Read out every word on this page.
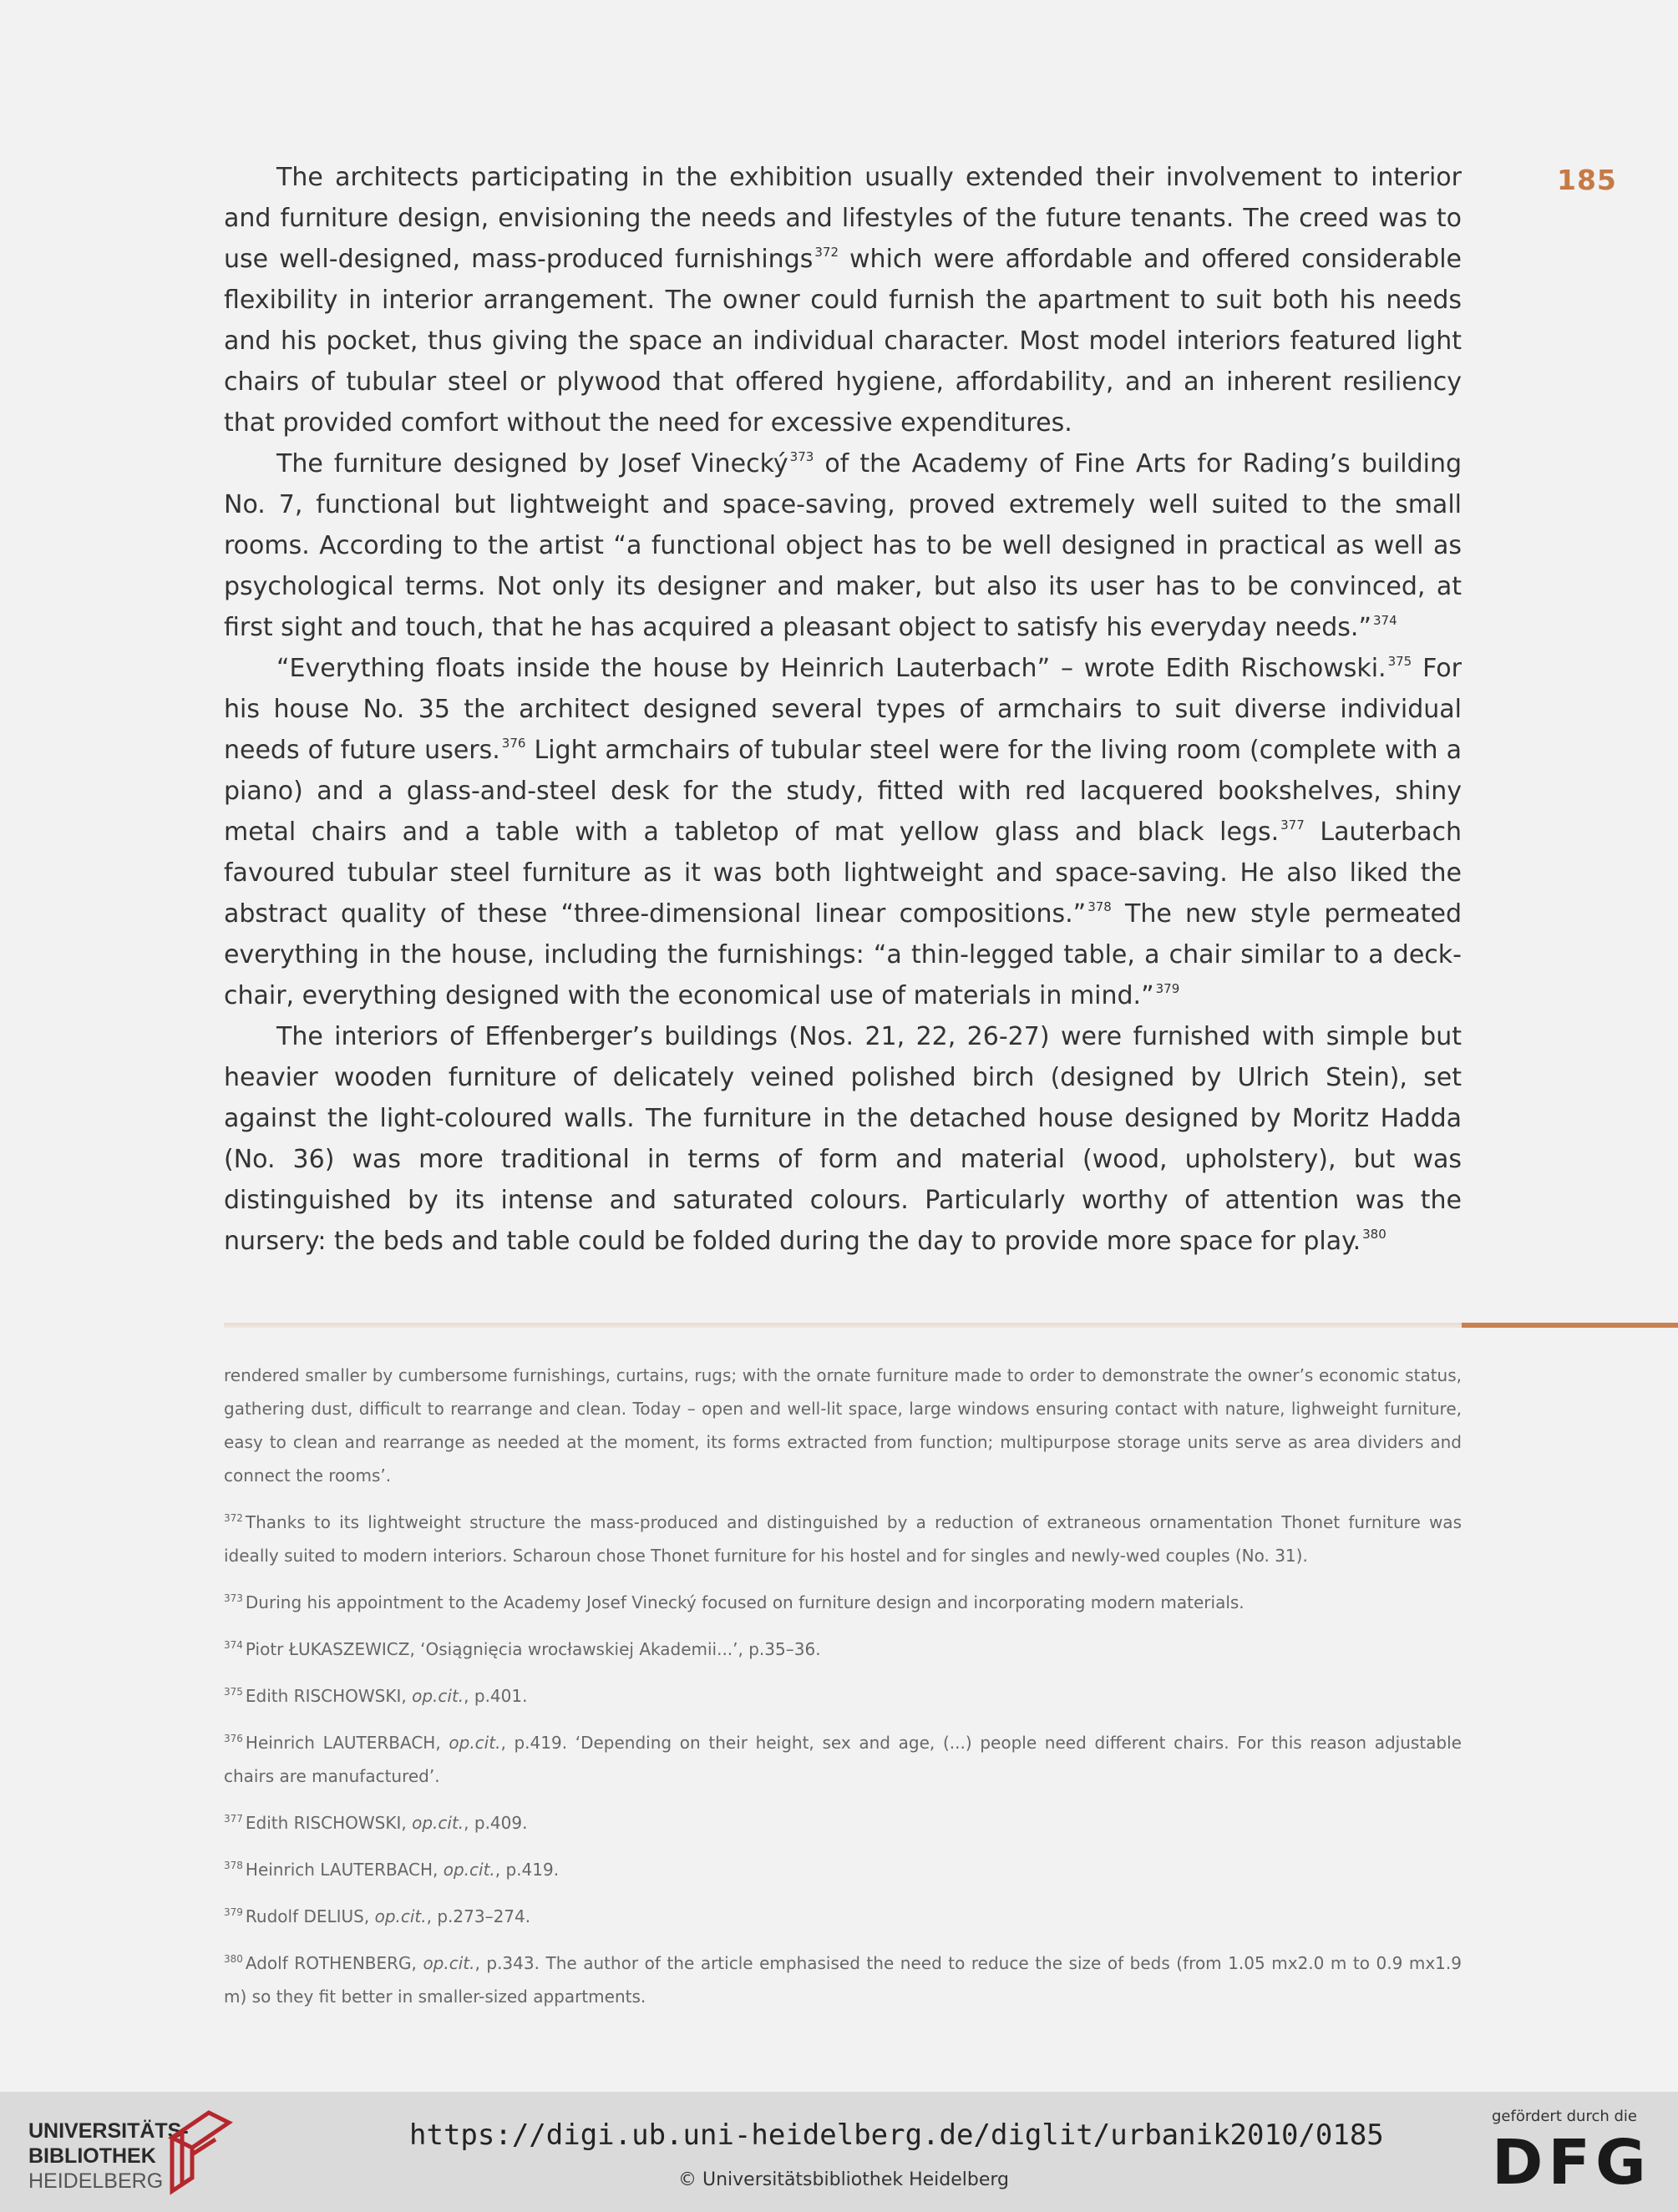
185

The architects participating in the exhibition usually extended their involvement to interior and furniture design, envisioning the needs and lifestyles of the future tenants. The creed was to use well-designed, mass-produced furnishings $^{372}$ which were affordable and offered considerable flexibility in interior arrangement. The owner could furnish the apartment to suit both his needs and his pocket, thus giving the space an individual character. Most model interiors featured light chairs of tubular steel or plywood that offered hygiene, affordability, and an inherent resiliency that provided comfort without the need for excessive expenditures.

The furniture designed by Josef Vinecký $^{373}$ of the Academy of Fine Arts for Rading’s building No. 7, functional but lightweight and space-saving, proved extremely well suited to the small rooms. According to the artist “a functional object has to be well designed in practical as well as psychological terms. Not only its designer and maker, but also its user has to be convinced, at first sight and touch, that he has acquired a pleasant object to satisfy his everyday needs.” $^{374}$

“Everything floats inside the house by Heinrich Lauterbach” – wrote Edith Rischowski. $^{375}$ For his house No. 35 the architect designed several types of armchairs to suit diverse individual needs of future users. $^{376}$ Light armchairs of tubular steel were for the living room (complete with a piano) and a glass-and-steel desk for the study, fitted with red lacquered bookshelves, shiny metal chairs and a table with a tabletop of mat yellow glass and black legs. $^{377}$ Lauterbach favoured tubular steel furniture as it was both lightweight and space-saving. He also liked the abstract quality of these “three-dimensional linear compositions.” $^{378}$ The new style permeated everything in the house, including the furnishings: “a thin-legged table, a chair similar to a deck-chair, everything designed with the economical use of materials in mind.” $^{379}$

The interiors of Effenberger’s buildings (Nos. 21, 22, 26-27) were furnished with simple but heavier wooden furniture of delicately veined polished birch (designed by Ulrich Stein), set against the light-coloured walls. The furniture in the detached house designed by Moritz Hadda (No. 36) was more traditional in terms of form and material (wood, upholstery), but was distinguished by its intense and saturated colours. Particularly worthy of attention was the nursery: the beds and table could be folded during the day to provide more space for play. $^{380}$

rendered smaller by cumbersome furnishings, curtains, rugs; with the ornate furniture made to order to demonstrate the owner’s economic status, gathering dust, difficult to rearrange and clean. Today – open and well-lit space, large windows ensuring contact with nature, lighweight furniture, easy to clean and rearrange as needed at the moment, its forms extracted from function; multipurpose storage units serve as area dividers and connect the rooms’.

$^{372}$ Thanks to its lightweight structure the mass-produced and distinguished by a reduction of extraneous ornamentation Thonet furniture was ideally suited to modern interiors. Scharoun chose Thonet furniture for his hostel and for singles and newly-wed couples (No. 31).

$^{373}$ During his appointment to the Academy Josef Vinecký focused on furniture design and incorporating modern materials.

$^{374}$ Piotr ŁUKASZEWICZ, ‘Osiągnięcia wrocławskiej Akademii...’, p.35–36.

$^{375}$ Edith RISCHOWSKI, op.cit., p.401.

$^{376}$ Heinrich LAUTERBACH, op.cit., p.419. ‘Depending on their height, sex and age, (...) people need different chairs. For this reason adjustable chairs are manufactured’.

$^{377}$ Edith RISCHOWSKI, op.cit., p.409.

$^{378}$ Heinrich LAUTERBACH, op.cit., p.419.

$^{379}$ Rudolf DELIUS, op.cit., p.273–274.

$^{380}$ Adolf ROTHENBERG, op.cit., p.343. The author of the article emphasised the need to reduce the size of beds (from 1.05 mx2.0 m to 0.9 mx1.9 m) so they fit better in smaller-sized appartments.

UNIVERSITÄTS-
BIBLIOTHEK
HEIDELBERG
https://digi.ub.uni-heidelberg.de/diglit/urbanik2010/0185
© Universitätsbibliothek Heidelberg
gefördert durch die
DFG
